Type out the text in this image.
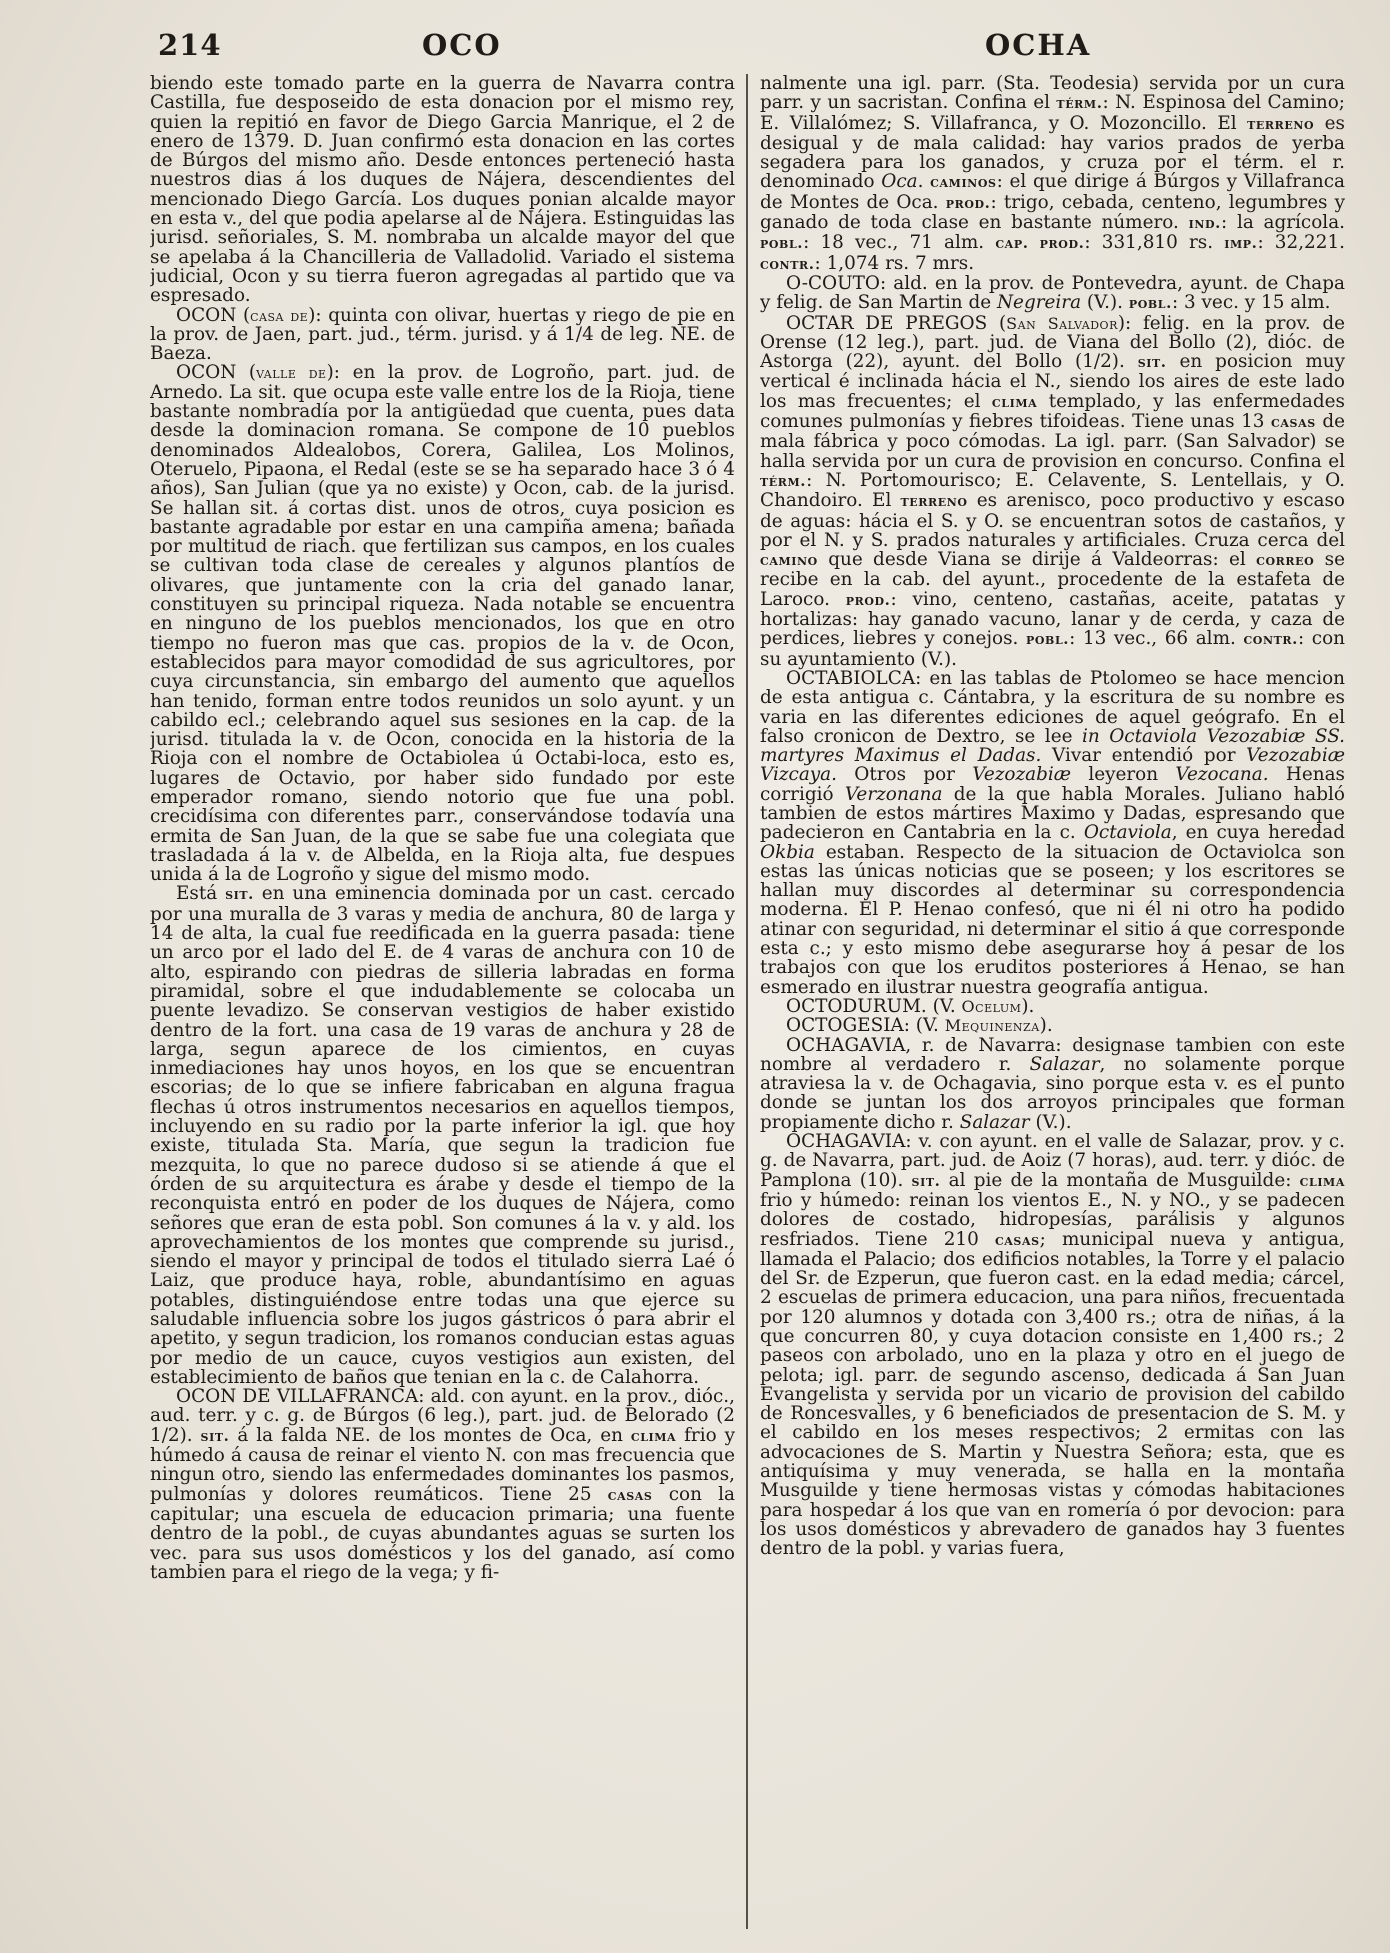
214	OCO	OCHA

biendo este tomado parte en la guerra de Navarra contra Castilla, fue desposeido de esta donacion por el mismo rey, quien la repitió en favor de Diego Garcia Manrique, el 2 de enero de 1379. D. Juan confirmó esta donacion en las cortes de Búrgos del mismo año. Desde entonces perteneció hasta nuestros dias á los duques de Nájera, descendientes del mencionado Diego García. Los duques ponian alcalde mayor en esta v., del que podia apelarse al de Nájera. Estinguidas las jurisd. señoriales, S. M. nombraba un alcalde mayor del que se apelaba á la Chancilleria de Valladolid. Variado el sistema judicial, Ocon y su tierra fueron agregadas al partido que va espresado.

OCON (casa de): quinta con olivar, huertas y riego de pie en la prov. de Jaen, part. jud., térm. jurisd. y á 1/4 de leg. NE. de Baeza.

OCON (valle de): en la prov. de Logroño, part. jud. de Arnedo. La sit. que ocupa este valle entre los de la Rioja, tiene bastante nombradía por la antigüedad que cuenta, pues data desde la dominacion romana. Se compone de 10 pueblos denominados Aldealobos, Corera, Galilea, Los Molinos, Oteruelo, Pipaona, el Redal (este se se ha separado hace 3 ó 4 años), San Julian (que ya no existe) y Ocon, cab. de la jurisd. Se hallan sit. á cortas dist. unos de otros, cuya posicion es bastante agradable por estar en una campiña amena; bañada por multitud de riach. que fertilizan sus campos, en los cuales se cultivan toda clase de cereales y algunos plantíos de olivares, que juntamente con la cria del ganado lanar, constituyen su principal riqueza. Nada notable se encuentra en ninguno de los pueblos mencionados, los que en otro tiempo no fueron mas que cas. propios de la v. de Ocon, establecidos para mayor comodidad de sus agricultores, por cuya circunstancia, sin embargo del aumento que aquellos han tenido, forman entre todos reunidos un solo ayunt. y un cabildo ecl.; celebrando aquel sus sesiones en la cap. de la jurisd. titulada la v. de Ocon, conocida en la historia de la Rioja con el nombre de Octabiolea ú Octabi-loca, esto es, lugares de Octavio, por haber sido fundado por este emperador romano, siendo notorio que fue una pobl. crecidísima con diferentes parr., conservándose todavía una ermita de San Juan, de la que se sabe fue una colegiata que trasladada á la v. de Albelda, en la Rioja alta, fue despues unida á la de Logroño y sigue del mismo modo.

Está sit. en una eminencia dominada por un cast. cercado por una muralla de 3 varas y media de anchura, 80 de larga y 14 de alta, la cual fue reedificada en la guerra pasada: tiene un arco por el lado del E. de 4 varas de anchura con 10 de alto, espirando con piedras de silleria labradas en forma piramidal, sobre el que indudablemente se colocaba un puente levadizo. Se conservan vestigios de haber existido dentro de la fort. una casa de 19 varas de anchura y 28 de larga, segun aparece de los cimientos, en cuyas inmediaciones hay unos hoyos, en los que se encuentran escorias; de lo que se infiere fabricaban en alguna fragua flechas ú otros instrumentos necesarios en aquellos tiempos, incluyendo en su radio por la parte inferior la igl. que hoy existe, titulada Sta. María, que segun la tradicion fue mezquita, lo que no parece dudoso si se atiende á que el órden de su arquitectura es árabe y desde el tiempo de la reconquista entró en poder de los duques de Nájera, como señores que eran de esta pobl. Son comunes á la v. y ald. los aprovechamientos de los montes que comprende su jurisd., siendo el mayor y principal de todos el titulado sierra Laé ó Laiz, que produce haya, roble, abundantísimo en aguas potables, distinguiéndose entre todas una que ejerce su saludable influencia sobre los jugos gástricos ó para abrir el apetito, y segun tradicion, los romanos conducian estas aguas por medio de un cauce, cuyos vestigios aun existen, del establecimiento de baños que tenian en la c. de Calahorra.

OCON DE VILLAFRANCA: ald. con ayunt. en la prov., dióc., aud. terr. y c. g. de Búrgos (6 leg.), part. jud. de Belorado (2 1/2). sit. á la falda NE. de los montes de Oca, en clima frio y húmedo á causa de reinar el viento N. con mas frecuencia que ningun otro, siendo las enfermedades dominantes los pasmos, pulmonías y dolores reumáticos. Tiene 25 casas con la capitular; una escuela de educacion primaria; una fuente dentro de la pobl., de cuyas abundantes aguas se surten los vec. para sus usos domésticos y los del ganado, así como tambien para el riego de la vega; y fi-

nalmente una igl. parr. (Sta. Teodesia) servida por un cura parr. y un sacristan. Confina el térm.: N. Espinosa del Camino; E. Villalómez; S. Villafranca, y O. Mozoncillo. El terreno es desigual y de mala calidad: hay varios prados de yerba segadera para los ganados, y cruza por el térm. el r. denominado Oca. caminos: el que dirige á Búrgos y Villafranca de Montes de Oca. prod.: trigo, cebada, centeno, legumbres y ganado de toda clase en bastante número. ind.: la agrícola. pobl.: 18 vec., 71 alm. cap. prod.: 331,810 rs. imp.: 32,221. contr.: 1,074 rs. 7 mrs.

O-COUTO: ald. en la prov. de Pontevedra, ayunt. de Chapa y felig. de San Martin de Negreira (V.). pobl.: 3 vec. y 15 alm.

OCTAR DE PREGOS (San Salvador): felig. en la prov. de Orense (12 leg.), part. jud. de Viana del Bollo (2), dióc. de Astorga (22), ayunt. del Bollo (1/2). sit. en posicion muy vertical é inclinada hácia el N., siendo los aires de este lado los mas frecuentes; el clima templado, y las enfermedades comunes pulmonías y fiebres tifoideas. Tiene unas 13 casas de mala fábrica y poco cómodas. La igl. parr. (San Salvador) se halla servida por un cura de provision en concurso. Confina el térm.: N. Portomourisco; E. Celavente, S. Lentellais, y O. Chandoiro. El terreno es arenisco, poco productivo y escaso de aguas: hácia el S. y O. se encuentran sotos de castaños, y por el N. y S. prados naturales y artificiales. Cruza cerca del camino que desde Viana se dirije á Valdeorras: el correo se recibe en la cab. del ayunt., procedente de la estafeta de Laroco. prod.: vino, centeno, castañas, aceite, patatas y hortalizas: hay ganado vacuno, lanar y de cerda, y caza de perdices, liebres y conejos. pobl.: 13 vec., 66 alm. contr.: con su ayuntamiento (V.).

OCTABIOLCA: en las tablas de Ptolomeo se hace mencion de esta antigua c. Cántabra, y la escritura de su nombre es varia en las diferentes ediciones de aquel geógrafo. En el falso cronicon de Dextro, se lee in Octaviola Vezozabiæ SS. martyres Maximus el Dadas. Vivar entendió por Vezozabiæ Vizcaya. Otros por Vezozabiæ leyeron Vezocana. Henas corrigió Verzonana de la que habla Morales. Juliano habló tambien de estos mártires Maximo y Dadas, espresando que padecieron en Cantabria en la c. Octaviola, en cuya heredad Okbia estaban. Respecto de la situacion de Octaviolca son estas las únicas noticias que se poseen; y los escritores se hallan muy discordes al determinar su correspondencia moderna. El P. Henao confesó, que ni él ni otro ha podido atinar con seguridad, ni determinar el sitio á que corresponde esta c.; y esto mismo debe asegurarse hoy á pesar de los trabajos con que los eruditos posteriores á Henao, se han esmerado en ilustrar nuestra geografía antigua.

OCTODURUM. (V. Ocelum).

OCTOGESIA: (V. Mequinenza).

OCHAGAVIA, r. de Navarra: designase tambien con este nombre al verdadero r. Salazar, no solamente porque atraviesa la v. de Ochagavia, sino porque esta v. es el punto donde se juntan los dos arroyos principales que forman propiamente dicho r. Salazar (V.).

OCHAGAVIA: v. con ayunt. en el valle de Salazar, prov. y c. g. de Navarra, part. jud. de Aoiz (7 horas), aud. terr. y dióc. de Pamplona (10). sit. al pie de la montaña de Musguilde: clima frio y húmedo: reinan los vientos E., N. y NO., y se padecen dolores de costado, hidropesías, parálisis y algunos resfriados. Tiene 210 casas; municipal nueva y antigua, llamada el Palacio; dos edificios notables, la Torre y el palacio del Sr. de Ezperun, que fueron cast. en la edad media; cárcel, 2 escuelas de primera educacion, una para niños, frecuentada por 120 alumnos y dotada con 3,400 rs.; otra de niñas, á la que concurren 80, y cuya dotacion consiste en 1,400 rs.; 2 paseos con arbolado, uno en la plaza y otro en el juego de pelota; igl. parr. de segundo ascenso, dedicada á San Juan Evangelista y servida por un vicario de provision del cabildo de Roncesvalles, y 6 beneficiados de presentacion de S. M. y el cabildo en los meses respectivos; 2 ermitas con las advocaciones de S. Martin y Nuestra Señora; esta, que es antiquísima y muy venerada, se halla en la montaña Musguilde y tiene hermosas vistas y cómodas habitaciones para hospedar á los que van en romería ó por devocion: para los usos domésticos y abrevadero de ganados hay 3 fuentes dentro de la pobl. y varias fuera,
